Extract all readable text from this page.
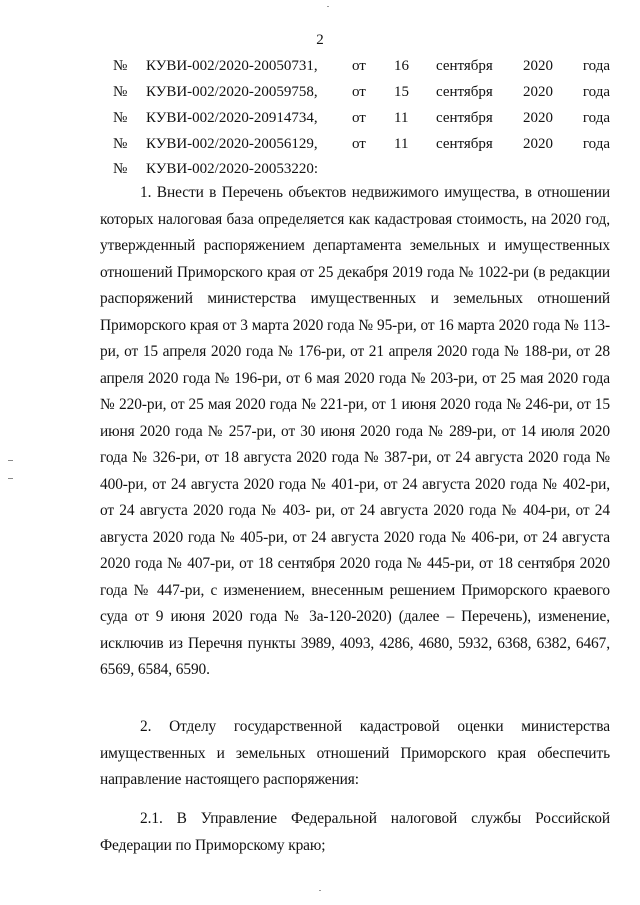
2
№ КУВИ-002/2020-20050731, от 16 сентября 2020 года
№ КУВИ-002/2020-20059758, от 15 сентября 2020 года
№ КУВИ-002/2020-20914734, от 11 сентября 2020 года
№ КУВИ-002/2020-20056129, от 11 сентября 2020 года
№ КУВИ-002/2020-20053220:

1. Внести в Перечень объектов недвижимого имущества, в отношении которых налоговая база определяется как кадастровая стоимость, на 2020 год, утвержденный распоряжением департамента земельных и имущественных отношений Приморского края от 25 декабря 2019 года № 1022-ри (в редакции распоряжений министерства имущественных и земельных отношений Приморского края от 3 марта 2020 года № 95-ри, от 16 марта 2020 года № 113-ри, от 15 апреля 2020 года № 176-ри, от 21 апреля 2020 года № 188-ри, от 28 апреля 2020 года № 196-ри, от 6 мая 2020 года № 203-ри, от 25 мая 2020 года № 220-ри, от 25 мая 2020 года № 221-ри, от 1 июня 2020 года № 246-ри, от 15 июня 2020 года № 257-ри, от 30 июня 2020 года № 289-ри, от 14 июля 2020 года № 326-ри, от 18 августа 2020 года № 387-ри, от 24 августа 2020 года № 400-ри, от 24 августа 2020 года № 401-ри, от 24 августа 2020 года № 402-ри, от 24 августа 2020 года № 403- ри, от 24 августа 2020 года № 404-ри, от 24 августа 2020 года № 405-ри, от 24 августа 2020 года № 406-ри, от 24 августа 2020 года № 407-ри, от 18 сентября 2020 года № 445-ри, от 18 сентября 2020 года № 447-ри, с изменением, внесенным решением Приморского краевого суда от 9 июня 2020 года № 3а-120-2020) (далее – Перечень), изменение, исключив из Перечня пункты 3989, 4093, 4286, 4680, 5932, 6368, 6382, 6467, 6569, 6584, 6590.

2. Отделу государственной кадастровой оценки министерства имущественных и земельных отношений Приморского края обеспечить направление настоящего распоряжения:

2.1. В Управление Федеральной налоговой службы Российской Федерации по Приморскому краю;
